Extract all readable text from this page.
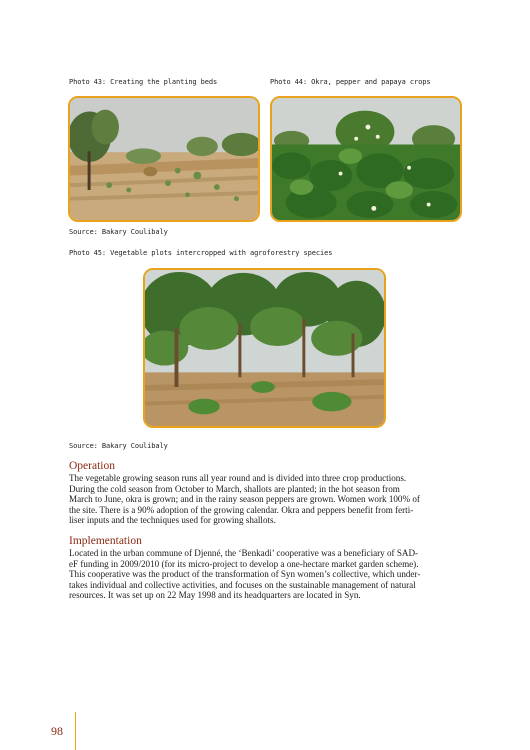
Photo 43: Creating the planting beds	Photo 44: Okra, pepper and papaya crops
Source: Bakary Coulibaly
Photo 45: Vegetable plots intercropped with agroforestry species
Source: Bakary Coulibaly
Operation
The vegetable growing season runs all year round and is divided into three crop productions.
During the cold season from October to March, shallots are planted; in the hot season from
March to June, okra is grown; and in the rainy season peppers are grown. Women work 100% of
the site. There is a 90% adoption of the growing calendar. Okra and peppers benefit from ferti-
liser inputs and the techniques used for growing shallots.
Implementation
Located in the urban commune of Djenné, the ‘Benkadi’ cooperative was a beneficiary of SAD-
eF funding in 2009/2010 (for its micro-project to develop a one-hectare market garden scheme).
This cooperative was the product of the transformation of Syn women’s collective, which under-
takes individual and collective activities, and focuses on the sustainable management of natural
resources. It was set up on 22 May 1998 and its headquarters are located in Syn.
98
